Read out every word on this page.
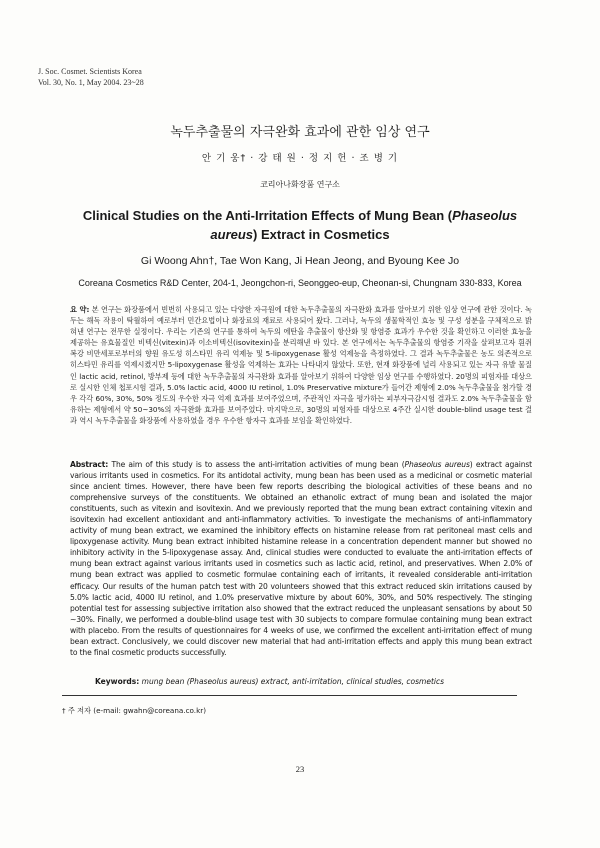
J. Soc. Cosmet. Scientists Korea
Vol. 30, No. 1, May 2004. 23~28
녹두추출물의 자극완화 효과에 관한 임상 연구
안 기 웅† · 강 태 원 · 정 지 헌 · 조 병 기
코리아나화장품 연구소
Clinical Studies on the Anti-Irritation Effects of Mung Bean (Phaseolus aureus) Extract in Cosmetics
Gi Woong Ahn†, Tae Won Kang, Ji Hean Jeong, and Byoung Kee Jo
Coreana Cosmetics R&D Center, 204-1, Jeongchon-ri, Seonggeo-eup, Cheonan-si, Chungnam 330-833, Korea
요 약: 본 연구는 화장품에서 빈번히 사용되고 있는 다양한 자극원에 대한 녹두추출물의 자극완화 효과를 알아보기 위한 임상 연구에 관한 것이다. 녹두는 해독 작용이 탁월하여 예로부터 민간요법이나 화장료의 재료로 사용되어 왔다. 그러나, 녹두의 생물학적인 효능 및 구성 성분을 구체적으로 밝혀낸 연구는 전무한 실정이다. 우리는 기존의 연구를 통하여 녹두의 에탄올 추출물이 항산화 및 항염증 효과가 우수한 것을 확인하고 이러한 효능을 제공하는 유효물질인 비텍신(vitexin)과 이소비텍신(isovitexin)을 분리해낸 바 있다. 본 연구에서는 녹두추출물의 항염증 기작을 살펴보고자 흰쥐 복강 비만세포로부터의 향원 유도성 히스타민 유리 억제능 및 5-lipoxygenase 활성 억제능을 측정하였다. 그 결과 녹두추출물은 농도 의존적으로 히스타민 유리를 억제시켰지만 5-lipoxygenase 활성을 억제하는 효과는 나타내지 않았다. 또한, 현재 화장품에 널리 사용되고 있는 자극 유발 물질인 lactic acid, retinol, 방부제 등에 대한 녹두추출물의 자극완화 효과를 알아보기 위하여 다양한 임상 연구를 수행하였다. 20명의 피험자를 대상으로 실시한 인체 첩포시험 결과, 5.0% lactic acid, 4000 IU retinol, 1.0% Preservative mixture가 들어간 제형에 2.0% 녹두추출물을 첨가할 경우 각각 60%, 30%, 50% 정도의 우수한 자극 억제 효과를 보여주었으며, 주관적인 자극을 평가하는 피부자극감시험 결과도 2.0% 녹두추출물을 함유하는 제형에서 약 50~30%의 자극완화 효과를 보여주었다. 마지막으로, 30명의 피험자를 대상으로 4주간 실시한 double-blind usage test 결과 역시 녹두추출물을 화장품에 사용하였을 경우 우수한 항자극 효과를 보임을 확인하였다.
Abstract: The aim of this study is to assess the anti-irritation activities of mung bean (Phaseolus aureus) extract against various irritants used in cosmetics. For its antidotal activity, mung bean has been used as a medicinal or cosmetic material since ancient times. However, there have been few reports describing the biological activities of these beans and no comprehensive surveys of the constituents. We obtained an ethanolic extract of mung bean and isolated the major constituents, such as vitexin and isovitexin. And we previously reported that the mung bean extract containing vitexin and isovitexin had excellent antioxidant and anti-inflammatory activities. To investigate the mechanisms of anti-inflammatory activity of mung bean extract, we examined the inhibitory effects on histamine release from rat peritoneal mast cells and lipoxygenase activity. Mung bean extract inhibited histamine release in a concentration dependent manner but showed no inhibitory activity in the 5-lipoxygenase assay. And, clinical studies were conducted to evaluate the anti-irritation effects of mung bean extract against various irritants used in cosmetics such as lactic acid, retinol, and preservatives. When 2.0% of mung bean extract was applied to cosmetic formulae containing each of irritants, it revealed considerable anti-irritation efficacy. Our results of the human patch test with 20 volunteers showed that this extract reduced skin irritations caused by 5.0% lactic acid, 4000 IU retinol, and 1.0% preservative mixture by about 60%, 30%, and 50% respectively. The stinging potential test for assessing subjective irritation also showed that the extract reduced the unpleasant sensations by about 50 ~30%. Finally, we performed a double-blind usage test with 30 subjects to compare formulae containing mung bean extract with placebo. From the results of questionnaires for 4 weeks of use, we confirmed the excellent anti-irritation effect of mung bean extract. Conclusively, we could discover new material that had anti-irritation effects and apply this mung bean extract to the final cosmetic products successfully.
Keywords: mung bean (Phaseolus aureus) extract, anti-irritation, clinical studies, cosmetics
† 주 저자 (e-mail: gwahn@coreana.co.kr)
23
